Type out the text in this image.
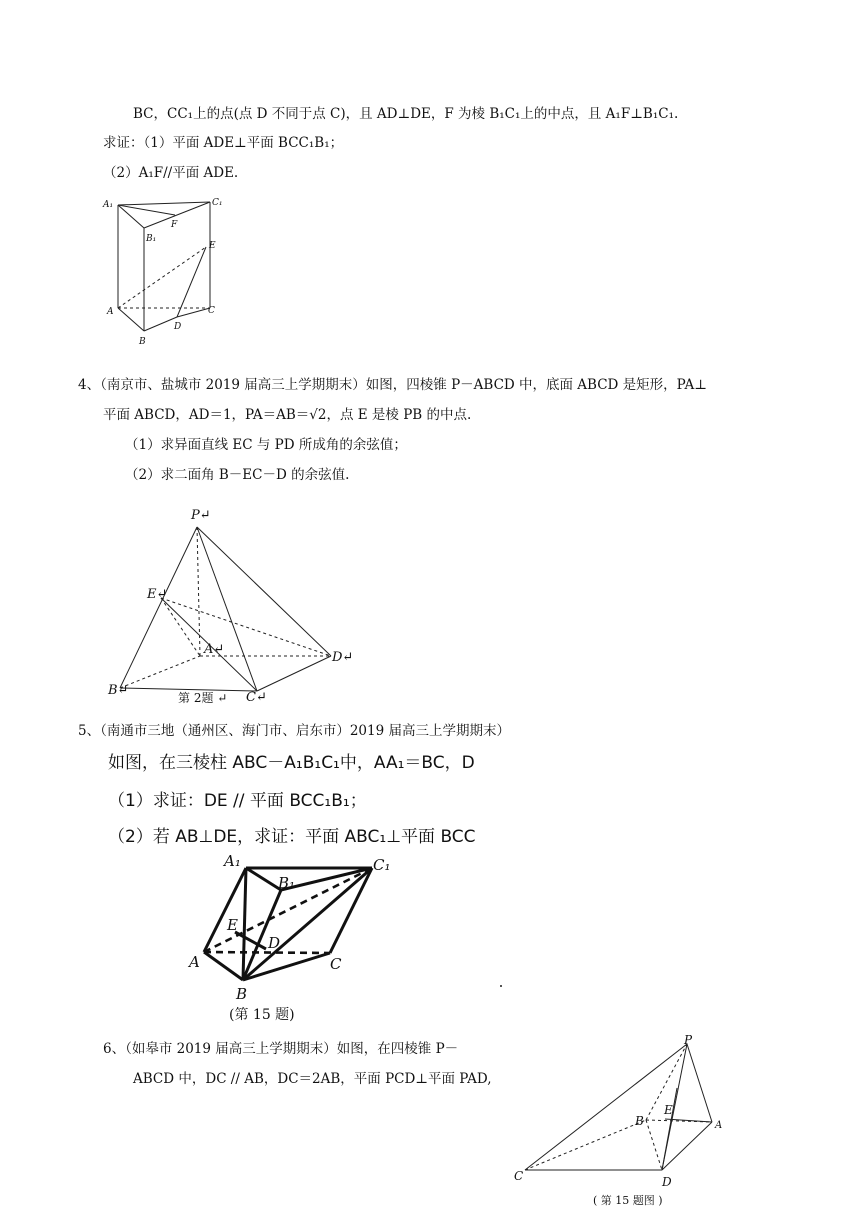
BC，CC₁上的点(点 D 不同于点 C)，且 AD⊥DE，F 为棱 B₁C₁上的中点，且 A₁F⊥B₁C₁.
求证：（1）平面 ADE⊥平面 BCC₁B₁；
（2）A₁F//平面 ADE.
A₁	C₁
B₁
F
E
A	C
D
B
4、（南京市、盐城市 2019 届高三上学期期末）如图，四棱锥 P－ABCD 中，底面 ABCD 是矩形，PA⊥
平面 ABCD，AD＝1，PA＝AB＝√2，点 E 是棱 PB 的中点.
（1）求异面直线 EC 与 PD 所成角的余弦值；
（2）求二面角 B－EC－D 的余弦值.
P↵
E↵
A↵
D↵
B↵	C↵
第 2题 ↵
5、（南通市三地（通州区、海门市、启东市）2019 届高三上学期期末）
如图，在三棱柱 ABC－A₁B₁C₁中，AA₁＝BC，D
（1）求证：DE // 平面 BCC₁B₁；
（2）若 AB⊥DE，求证：平面 ABC₁⊥平面 BCC
A₁	C₁
B₁
E
D
A	C
B
(第 15 题)
6、（如皋市 2019 届高三上学期期末）如图，在四棱锥 P－
ABCD 中，DC // AB，DC＝2AB，平面 PCD⊥平面 PAD,
P
B
E
A
C	D
( 第 15 题图 )
